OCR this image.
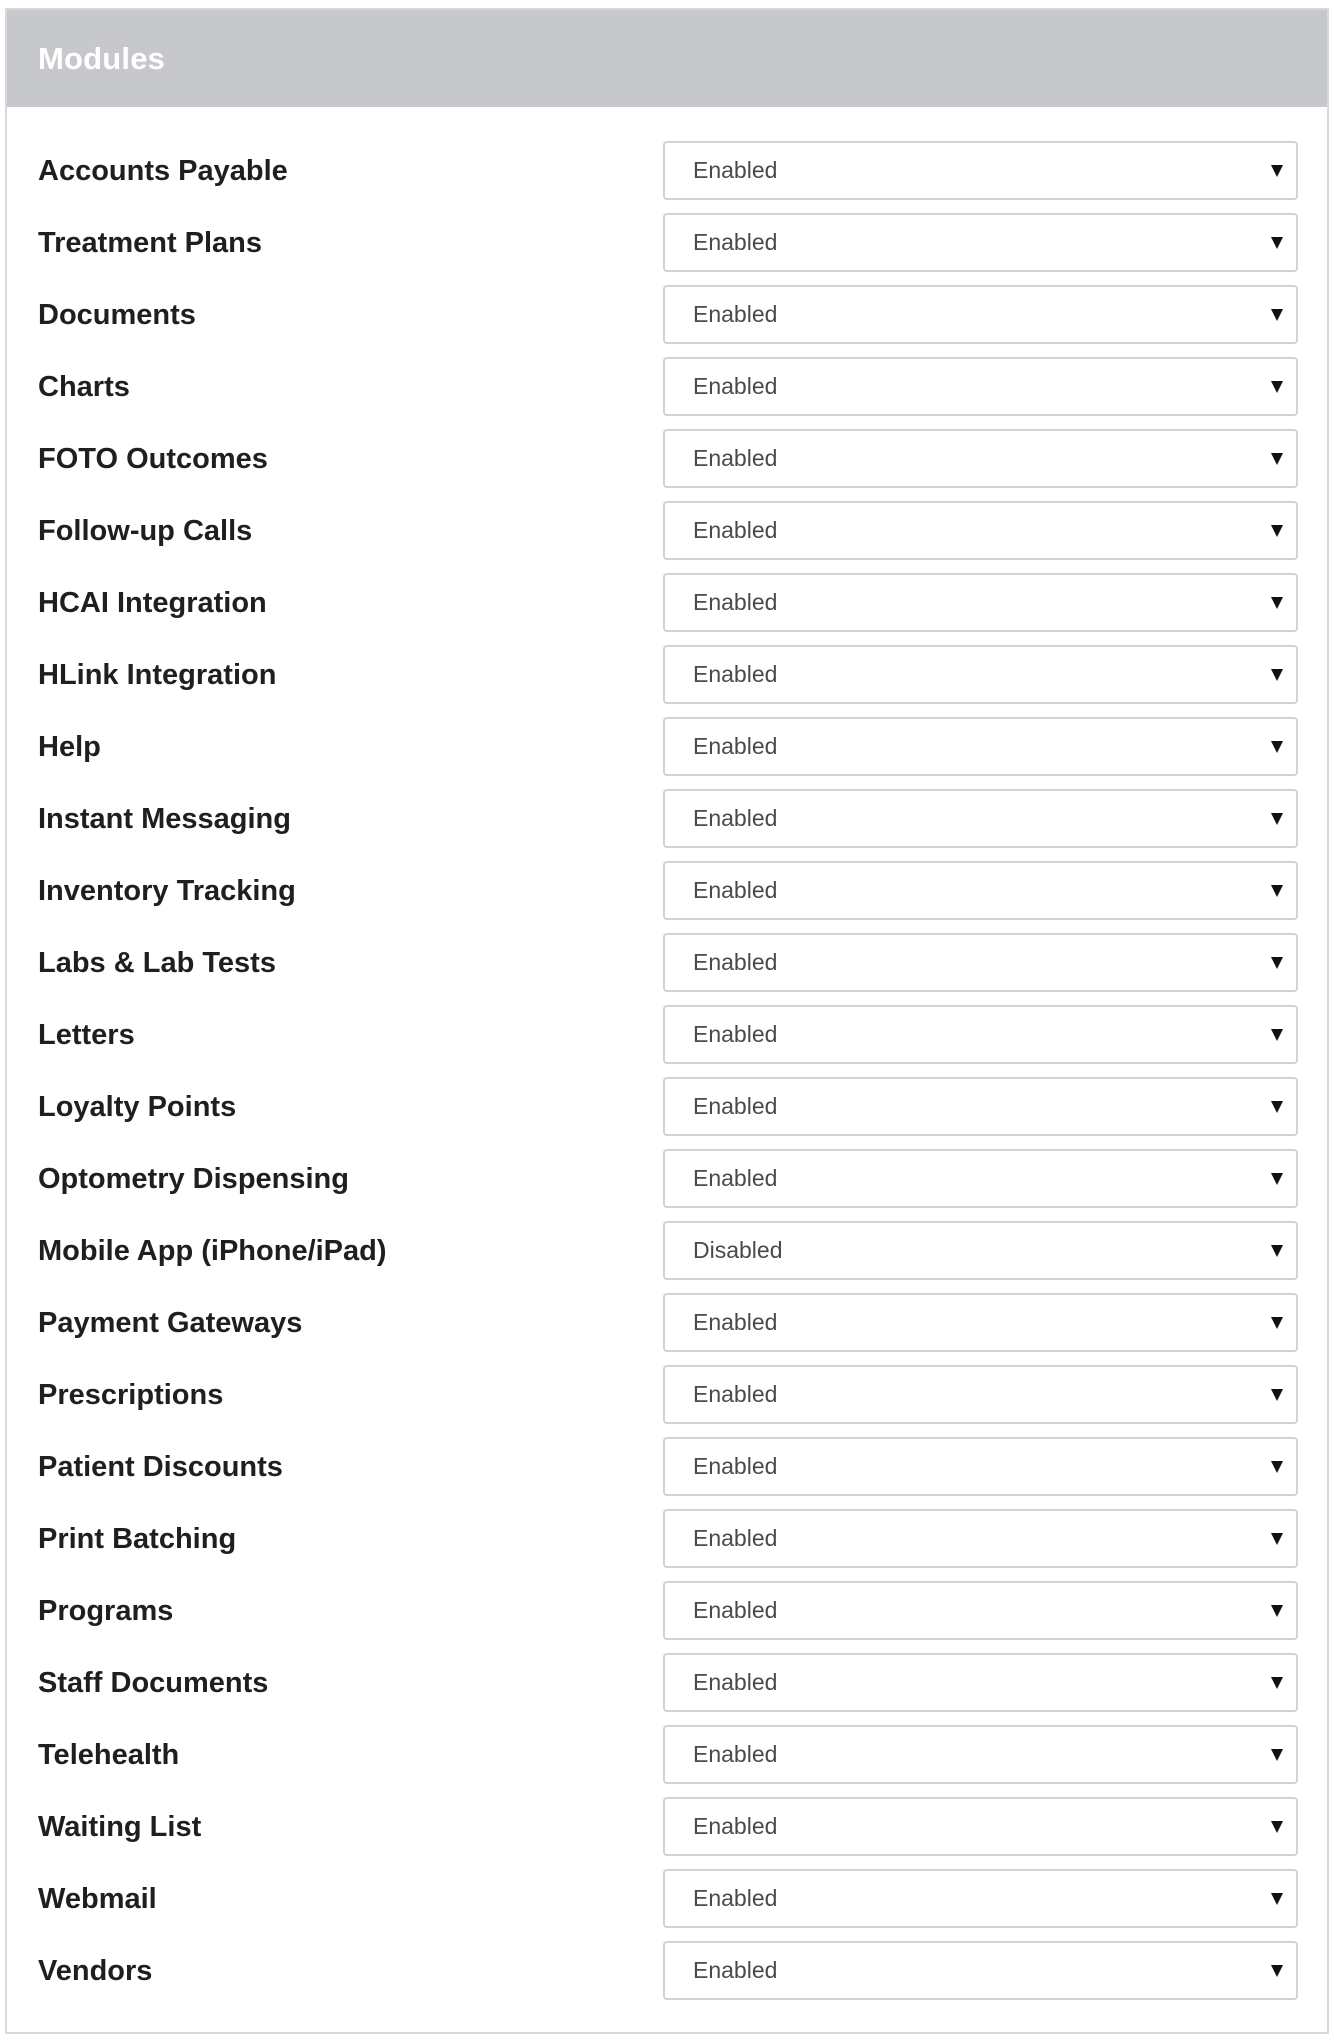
Modules
Accounts Payable	Enabled
Treatment Plans	Enabled
Documents	Enabled
Charts	Enabled
FOTO Outcomes	Enabled
Follow-up Calls	Enabled
HCAI Integration	Enabled
HLink Integration	Enabled
Help	Enabled
Instant Messaging	Enabled
Inventory Tracking	Enabled
Labs & Lab Tests	Enabled
Letters	Enabled
Loyalty Points	Enabled
Optometry Dispensing	Enabled
Mobile App (iPhone/iPad)	Disabled
Payment Gateways	Enabled
Prescriptions	Enabled
Patient Discounts	Enabled
Print Batching	Enabled
Programs	Enabled
Staff Documents	Enabled
Telehealth	Enabled
Waiting List	Enabled
Webmail	Enabled
Vendors	Enabled
